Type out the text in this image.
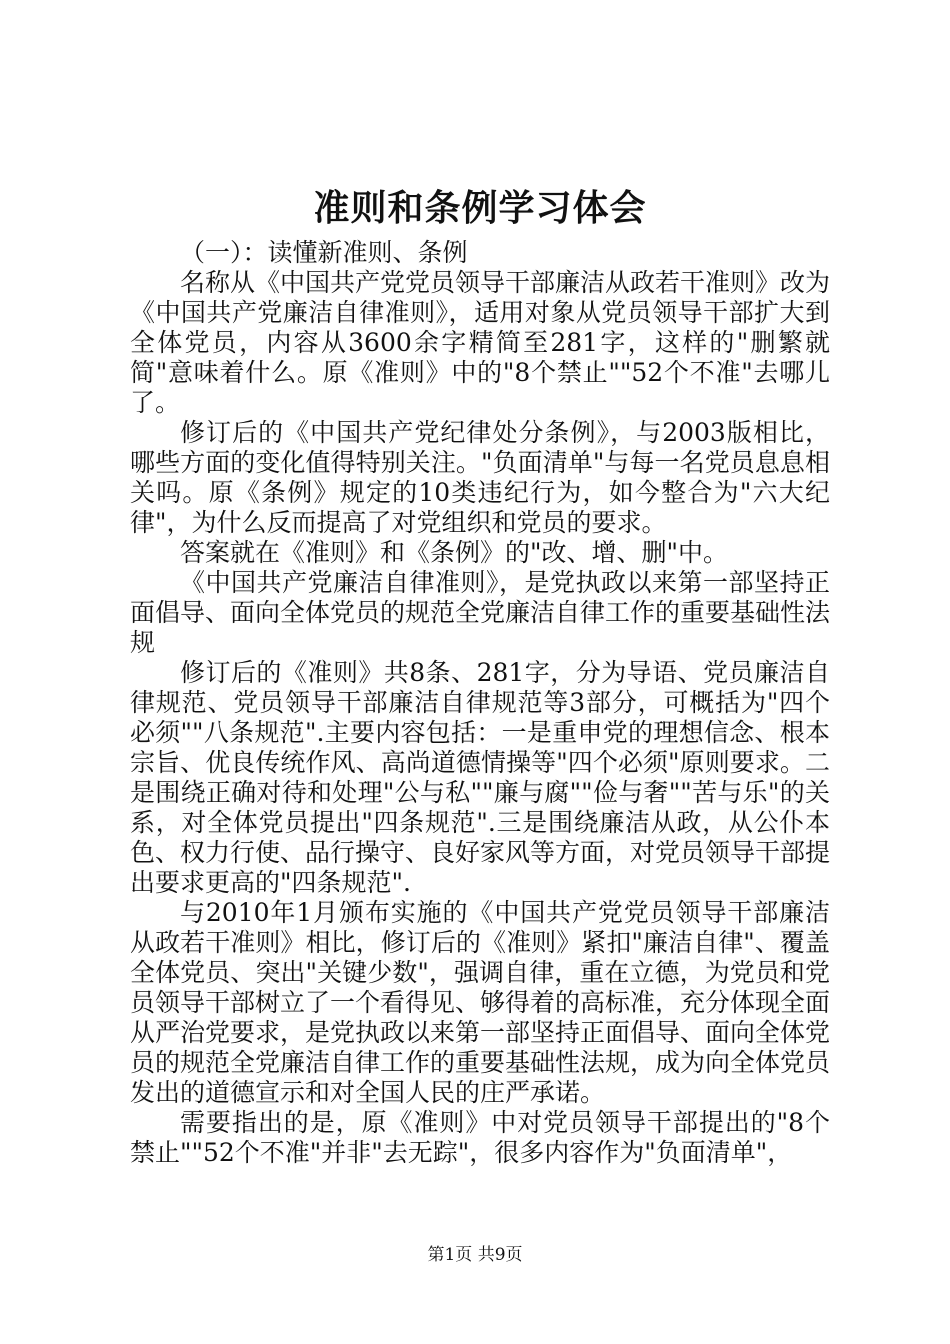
准则和条例学习体会

（一）：读懂新准则、条例

名称从《中国共产党党员领导干部廉洁从政若干准则》改为《中国共产党廉洁自律准则》，适用对象从党员领导干部扩大到全体党员，内容从3600余字精简至281字，这样的"删繁就简"意味着什么。原《准则》中的"8个禁止""52个不准"去哪儿了。

修订后的《中国共产党纪律处分条例》，与2003版相比，哪些方面的变化值得特别关注。"负面清单"与每一名党员息息相关吗。原《条例》规定的10类违纪行为，如今整合为"六大纪律"，为什么反而提高了对党组织和党员的要求。

答案就在《准则》和《条例》的"改、增、删"中。

《中国共产党廉洁自律准则》，是党执政以来第一部坚持正面倡导、面向全体党员的规范全党廉洁自律工作的重要基础性法规

修订后的《准则》共8条、281字，分为导语、党员廉洁自律规范、党员领导干部廉洁自律规范等3部分，可概括为"四个必须""八条规范".主要内容包括：一是重申党的理想信念、根本宗旨、优良传统作风、高尚道德情操等"四个必须"原则要求。二是围绕正确对待和处理"公与私""廉与腐""俭与奢""苦与乐"的关系，对全体党员提出"四条规范".三是围绕廉洁从政，从公仆本色、权力行使、品行操守、良好家风等方面，对党员领导干部提出要求更高的"四条规范".

与2010年1月颁布实施的《中国共产党党员领导干部廉洁从政若干准则》相比，修订后的《准则》紧扣"廉洁自律"、覆盖全体党员、突出"关键少数"，强调自律，重在立德，为党员和党员领导干部树立了一个看得见、够得着的高标准，充分体现全面从严治党要求，是党执政以来第一部坚持正面倡导、面向全体党员的规范全党廉洁自律工作的重要基础性法规，成为向全体党员发出的道德宣示和对全国人民的庄严承诺。

需要指出的是，原《准则》中对党员领导干部提出的"8个禁止""52个不准"并非"去无踪"，很多内容作为"负面清单"，

第1页 共9页
